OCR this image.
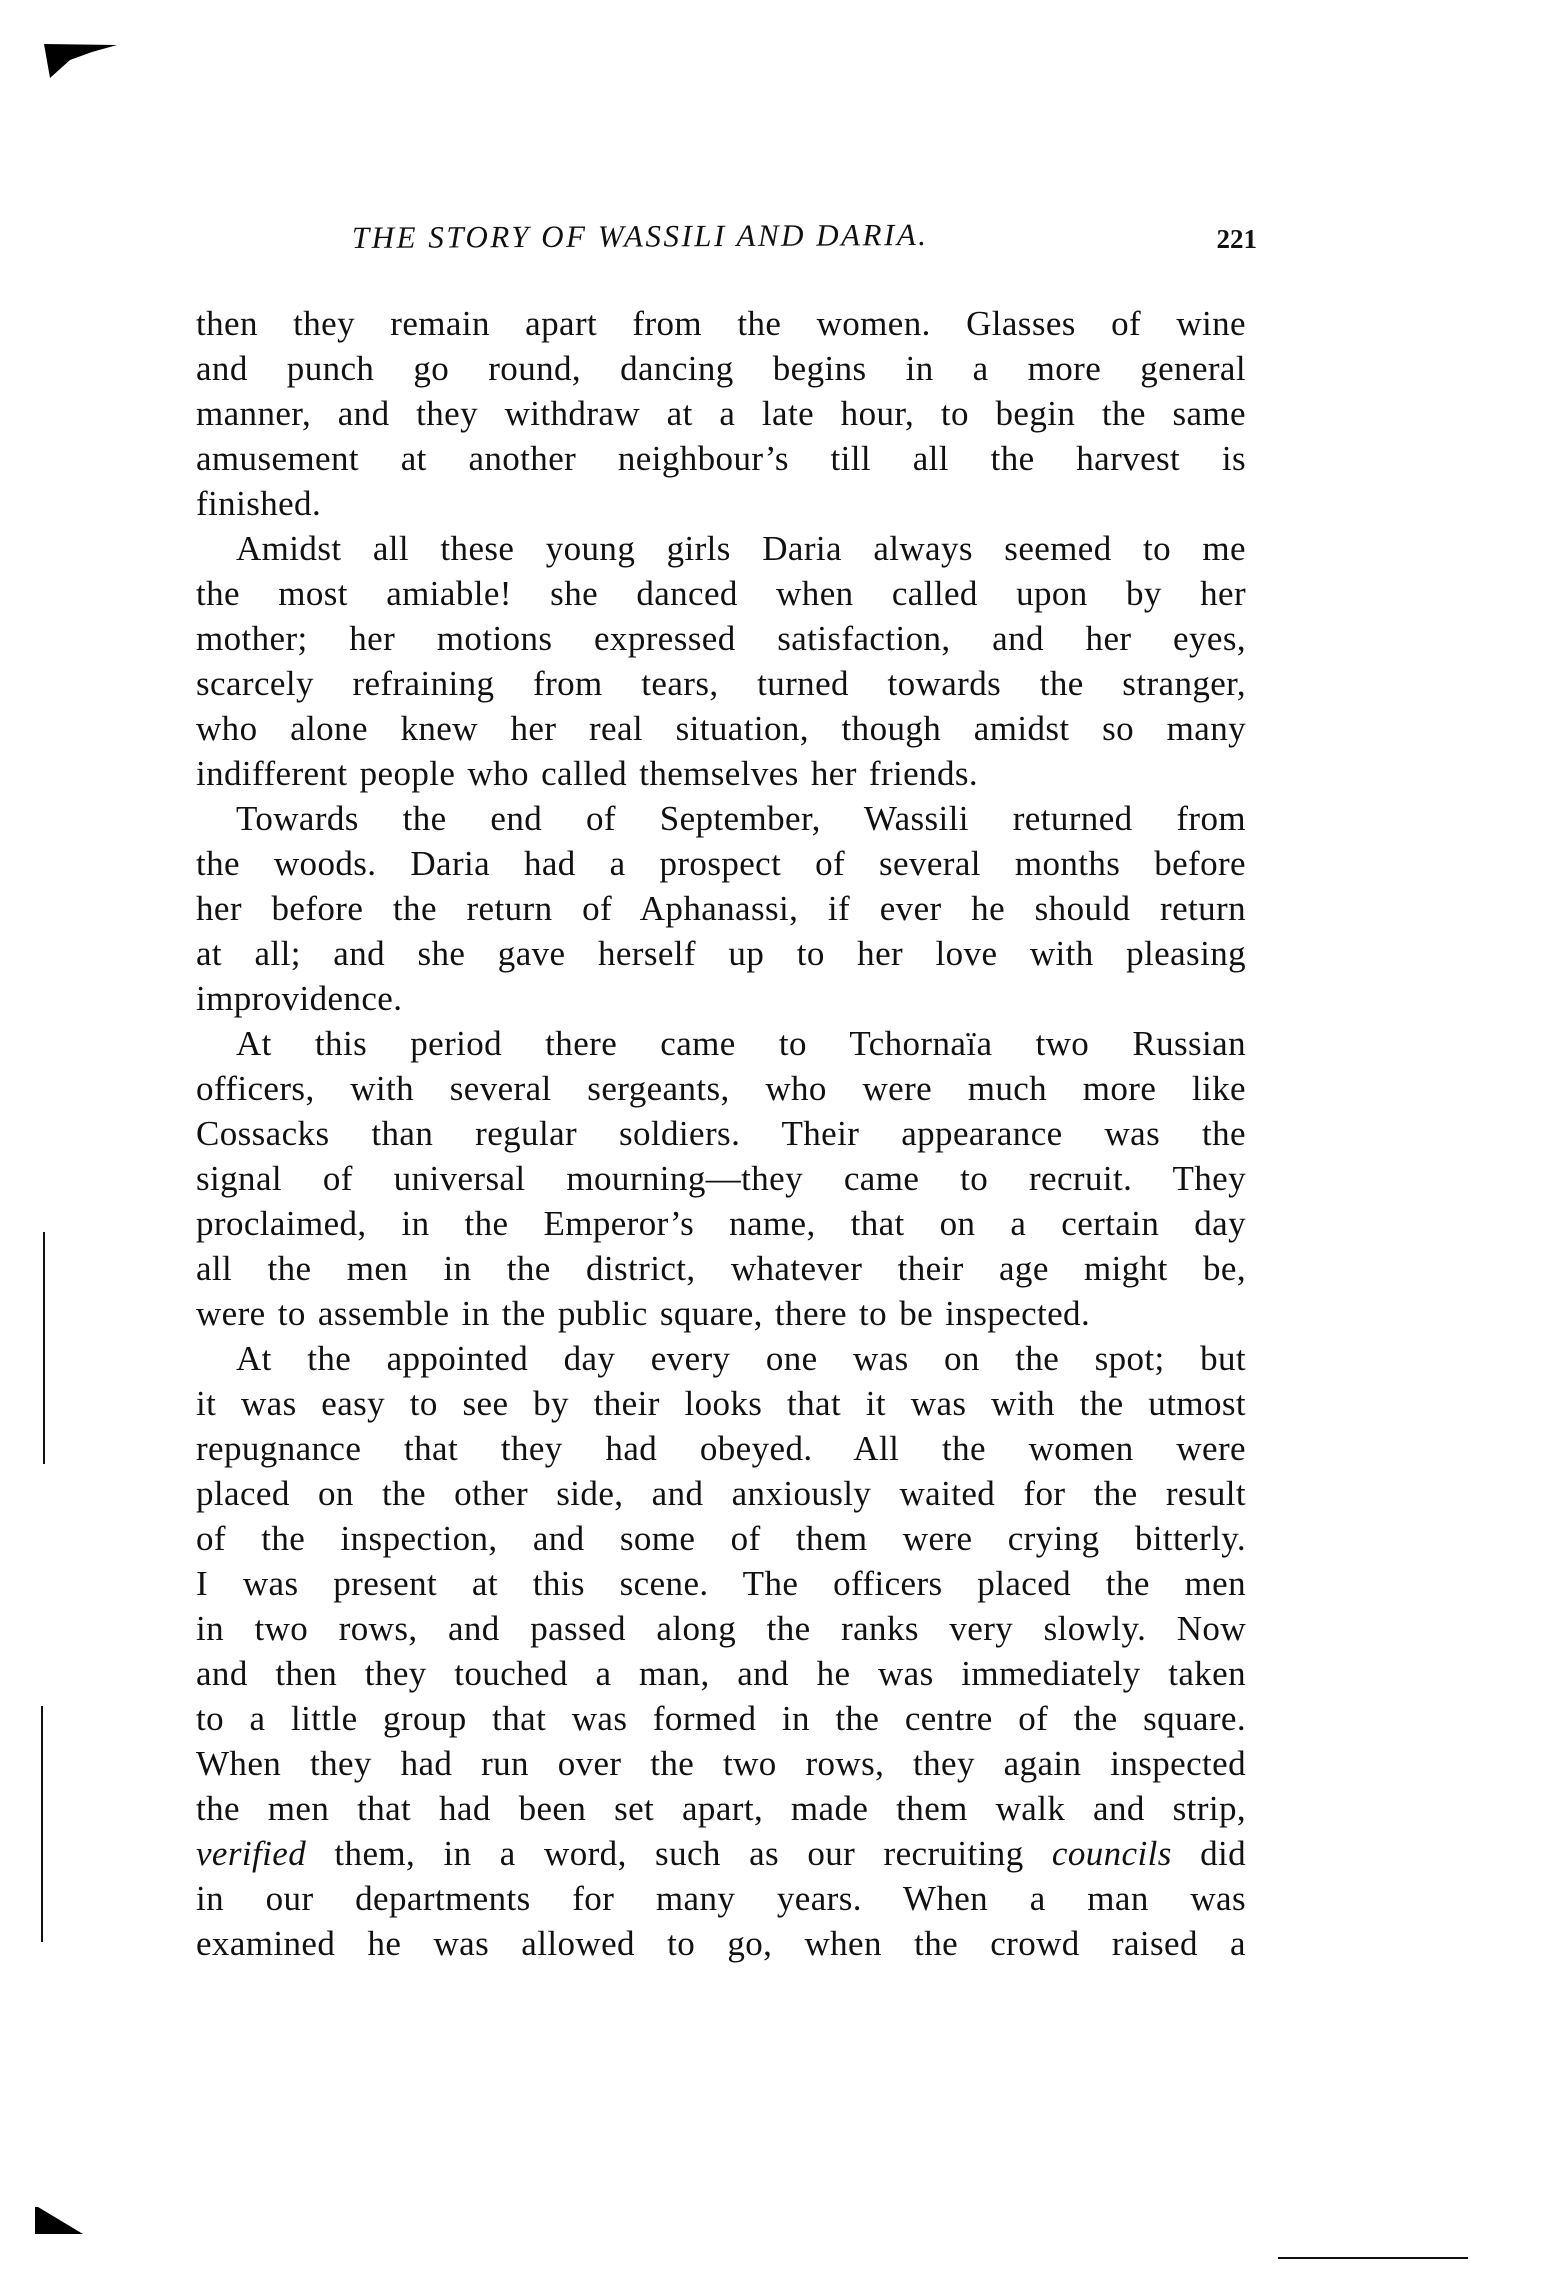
THE STORY OF WASSILI AND DARIA.	221
then they remain apart from the women. Glasses of wine
and punch go round, dancing begins in a more general
manner, and they withdraw at a late hour, to begin the same
amusement at another neighbour’s till all the harvest is
finished.
Amidst all these young girls Daria always seemed to me
the most amiable! she danced when called upon by her
mother; her motions expressed satisfaction, and her eyes,
scarcely refraining from tears, turned towards the stranger,
who alone knew her real situation, though amidst so many
indifferent people who called themselves her friends.
Towards the end of September, Wassili returned from
the woods. Daria had a prospect of several months before
her before the return of Aphanassi, if ever he should return
at all; and she gave herself up to her love with pleasing
improvidence.
At this period there came to Tchornaïa two Russian
officers, with several sergeants, who were much more like
Cossacks than regular soldiers. Their appearance was the
signal of universal mourning—they came to recruit. They
proclaimed, in the Emperor’s name, that on a certain day
all the men in the district, whatever their age might be,
were to assemble in the public square, there to be inspected.
At the appointed day every one was on the spot; but
it was easy to see by their looks that it was with the utmost
repugnance that they had obeyed. All the women were
placed on the other side, and anxiously waited for the result
of the inspection, and some of them were crying bitterly.
I was present at this scene. The officers placed the men
in two rows, and passed along the ranks very slowly. Now
and then they touched a man, and he was immediately taken
to a little group that was formed in the centre of the square.
When they had run over the two rows, they again inspected
the men that had been set apart, made them walk and strip,
verified them, in a word, such as our recruiting councils did
in our departments for many years. When a man was
examined he was allowed to go, when the crowd raised a
